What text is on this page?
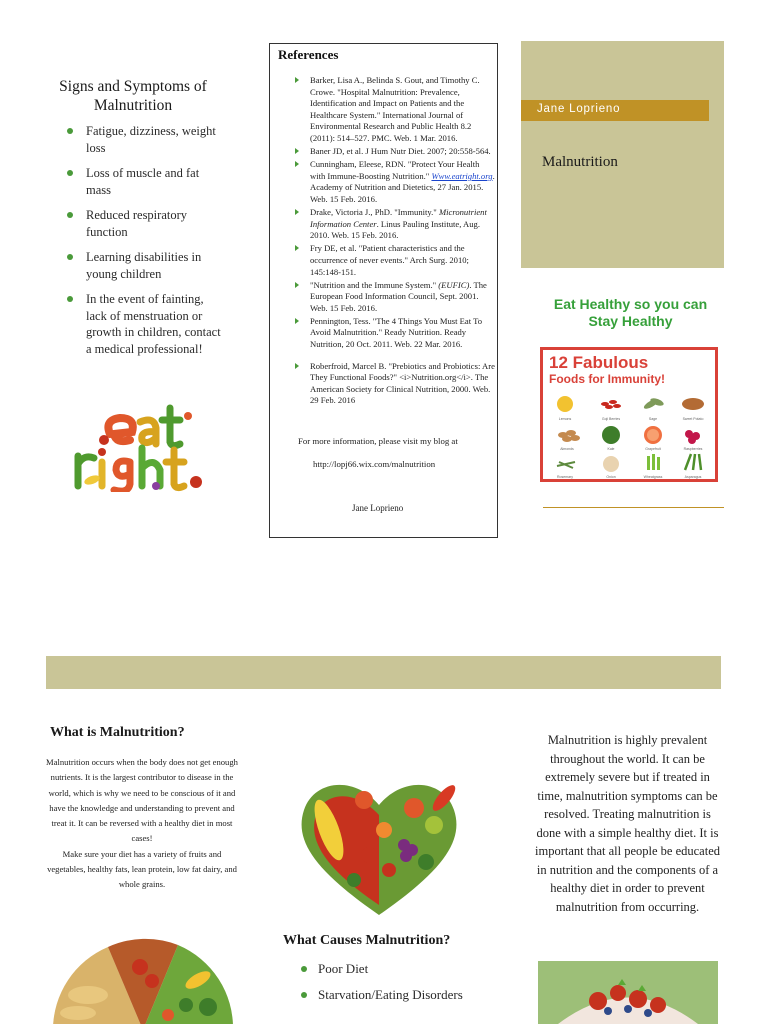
Signs and Symptoms of Malnutrition
Fatigue, dizziness, weight loss
Loss of muscle and fat mass
Reduced respiratory function
Learning disabilities in young children
In the event of fainting, lack of menstruation or growth in children, contact a medical professional!
References
Barker, Lisa A., Belinda S. Gout, and Timothy C. Crowe. "Hospital Malnutrition: Prevalence, Identification and Impact on Patients and the Healthcare System." International Journal of Environmental Research and Public Health 8.2 (2011): 514–527. PMC. Web. 1 Mar. 2016.
Baner JD, et al. J Hum Nutr Diet. 2007; 20:558-564.
Cunningham, Eleese, RDN. "Protect Your Health with Immune-Boosting Nutrition." Www.eatright.org. Academy of Nutrition and Dietetics, 27 Jan. 2015. Web. 15 Feb. 2016.
Drake, Victoria J., PhD. "Immunity." Micronutrient Information Center. Linus Pauling Institute, Aug. 2010. Web. 15 Feb. 2016.
Fry DE, et al. "Patient characteristics and the occurrence of never events." Arch Surg. 2010; 145:148-151.
"Nutrition and the Immune System." (EUFIC). The European Food Information Council, Sept. 2001. Web. 15 Feb. 2016.
Pennington, Tess. "The 4 Things You Must Eat To Avoid Malnutrition." Ready Nutrition. Ready Nutrition, 20 Oct. 2011. Web. 22 Mar. 2016.
Roberfroid, Marcel B. "Prebiotics and Probiotics: Are They Functional Foods?" <i>Nutrition.org</i>. The American Society for Clinical Nutrition, 2000. Web. 29 Feb. 2016
For more information, please visit my blog at
http://lopj66.wix.com/malnutrition
Jane Loprieno
Jane Loprieno
Malnutrition
Eat Healthy so you can
Stay Healthy
12 Fabulous
Foods for Immunity!
Lemons	Goji Berries	Sage	Sweet Potato
Almonds	Kale	Grapefruit	Raspberries
Rosemary	Onion	Wheatgrass	Asparagus
What is Malnutrition?

Malnutrition occurs when the body does not get enough nutrients. It is the largest contributor to disease in the world, which is why we need to be conscious of it and have the knowledge and understanding to prevent and treat it. It can be reversed with a healthy diet in most cases!

Make sure your diet has a variety of fruits and vegetables, healthy fats, lean protein, low fat dairy, and whole grains.

What Causes Malnutrition?
Poor Diet
Starvation/Eating Disorders
Malnutrition is highly prevalent throughout the world. It can be extremely severe but if treated in time, malnutrition symptoms can be resolved. Treating malnutrition is done with a simple healthy diet. It is important that all people be educated in nutrition and the components of a healthy diet in order to prevent malnutrition from occurring.
